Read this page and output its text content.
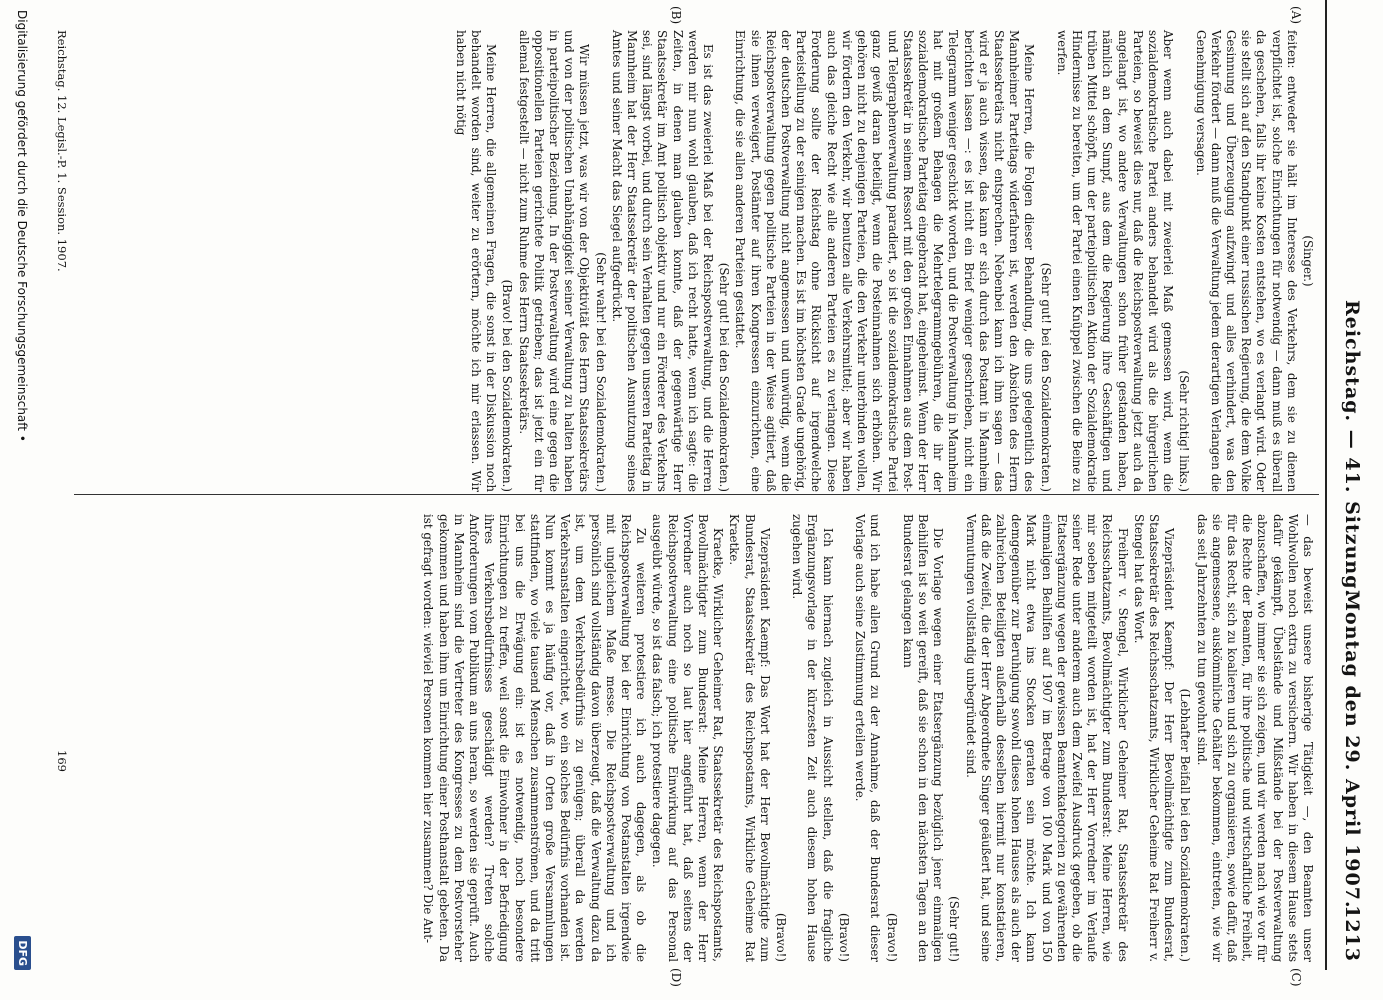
Reichstag. — 41. Sitzung.
Montag den 29. April 1907.
1213
(A)
(B)
(C)
(D)

(Singer.)

feiten: entweder sie hält im Interesse des Verkehrs, dem sie zu dienen verpflichtet ist, solche Einrichtungen für notwendig — dann muß es überall da geschehen, falls ihr keine Kosten entstehen, wo es verlangt wird. Oder sie stellt sich auf den Standpunkt einer russischen Regierung, die dem Volke Gesinnung und Überzeugung aufzwingt und alles verhindert, was den Verkehr fördert — dann muß die Verwaltung jedem derartigen Verlangen die Genehmigung versagen.

(Sehr richtig! links.)

Aber wenn auch dabei mit zweierlei Maß gemessen wird, wenn die sozialdemokratische Partei anders behandelt wird als die bürgerlichen Parteien, so beweist dies nur, daß die Reichspostverwaltung jetzt auch da angelangt ist, wo andere Verwaltungen schon früher gestanden haben, nämlich an dem Sumpf, aus dem die Regierung ihre Geschäftigen und trüben Mittel schöpft, um der parteipolitischen Aktion der Sozialdemokratie Hindernisse zu bereiten, um der Partei einen Knüppel zwischen die Beine zu werfen.

(Sehr gut! bei den Sozialdemokraten.)

Meine Herren, die Folgen dieser Behandlung, die uns gelegentlich des Mannheimer Parteitags widerfahren ist, werden den Absichten des Herrn Staatssekretärs nicht entsprechen. Nebenbei kann ich ihm sagen — das wird er ja auch wissen, das kann er sich durch das Postamt in Mannheim berichten lassen —: es ist nicht ein Brief weniger geschrieben, nicht ein Telegramm weniger geschickt worden, und die Postverwaltung in Mannheim hat mit großem Behagen die Mehrtelegrammgebühren, die ihr der sozialdemokratische Parteitag eingebracht hat, eingeheimst. Wenn der Herr Staatssekretär in seinem Ressort mit den großen Einnahmen aus dem Post- und Telegraphenverwaltung paradiert, so ist die sozialdemokratische Partei ganz gewiß daran beteiligt, wenn die Posteinnahmen sich erhöhen. Wir gehören nicht zu denjenigen Parteien, die den Verkehr unterbinden wollen, wir fördern den Verkehr, wir benutzen alle Verkehrsmittel; aber wir haben auch das gleiche Recht wie alle anderen Parteien es zu verlangen. Diese Forderung sollte der Reichstag ohne Rücksicht auf irgendwelche Parteistellung zu der seinigen machen. Es ist im höchsten Grade ungehörig, der deutschen Postverwaltung nicht angemessen und unwürdig, wenn die Reichspostverwaltung gegen politische Parteien in der Weise agitiert, daß sie ihnen verweigert, Postämter auf ihren Kongressen einzurichten, eine Einrichtung, die sie allen anderen Parteien gestattet.

(Sehr gut! bei den Sozialdemokraten.)

Es ist das zweierlei Maß bei der Reichspostverwaltung, und die Herren werden mir nun wohl glauben, daß ich recht hatte, wenn ich sagte: die Zeiten, in denen man glauben konnte, daß der gegenwärtige Herr Staatssekretär im Amt politisch objektiv und nur ein Förderer des Verkehrs sei, sind längst vorbei, und durch sein Verhalten gegen unseren Parteitag in Mannheim hat der Herr Staatssekretär der politischen Ausnutzung seines Amtes und seiner Macht das Siegel aufgedrückt.

(Sehr wahr! bei den Sozialdemokraten.)

Wir müssen jetzt, was wir von der Objektivität des Herrn Staatssekretärs und von der politischen Unabhängigkeit seiner Verwaltung zu halten haben in parteipolitischer Beziehung. In der Postverwaltung wird eine gegen die oppositionellen Parteien gerichtete Politik getrieben; das ist jetzt ein für allemal festgestellt — nicht zum Ruhme des Herrn Staatssekretärs.

(Bravo! bei den Sozialdemokraten.)

Meine Herren, die allgemeinen Fragen, die sonst in der Diskussion noch behandelt worden sind, weiter zu erörtern, möchte ich mir erlassen. Wir haben nicht nötig

— das beweist unsere bisherige Tätigkeit —, den Beamten unser Wohlwollen noch extra zu versichern. Wir haben in diesem Hause stets dafür gekämpft, Übelstände und Mißstände bei der Postverwaltung abzuschaffen, wo immer sie sich zeigen, und wir werden nach wie vor für die Rechte der Beamten, für ihre politische und wirtschaftliche Freiheit, für das Recht, sich zu koalieren und sich zu organisieren, sowie dafür, daß sie angemessene, auskömmliche Gehälter bekommen, eintreten, wie wir das seit Jahrzehnten zu tun gewohnt sind.

(Lebhafter Beifall bei den Sozialdemokraten.)

Vizepräsident Kaempf: Der Herr Bevollmächtigte zum Bundesrat, Staatssekretär des Reichsschatzamts, Wirklicher Geheime Rat Freiherr v. Stengel hat das Wort.

Freiherr v. Stengel, Wirklicher Geheimer Rat, Staatssekretär des Reichsschatzamts, Bevollmächtigter zum Bundesrat: Meine Herren, wie mir soeben mitgeteilt worden ist, hat der Herr Vorredner im Verlaufe seiner Rede unter anderem auch dem Zweifel Ausdruck gegeben, ob die Etatsergänzung wegen der gewissen Beamtenkategorien zu gewährenden einmaligen Beihilfen auf 1907 im Betrage von 100 Mark und von 150 Mark nicht etwa ins Stocken geraten sein möchte. Ich kann demgegenüber zur Beruhigung sowohl dieses hohen Hauses als auch der zahlreichen Beteiligten außerhalb desselben hiermit nur konstatieren, daß die Zweifel, die der Herr Abgeordnete Singer geäußert hat, und seine Vermutungen vollständig unbegründet sind.

(Sehr gut!)

Die Vorlage wegen einer Etatsergänzung bezüglich jener einmaligen Beihilfen ist so weit gereift, daß sie schon in den nächsten Tagen an den Bundesrat gelangen kann

(Bravo!)

und ich habe allen Grund zu der Annahme, daß der Bundesrat dieser Vorlage auch seine Zustimmung erteilen werde.

(Bravo!)

Ich kann hiernach zugleich in Aussicht stellen, daß die fragliche Ergänzungsvorlage in der kürzesten Zeit auch diesem hohen Hause zugehen wird.

(Bravo!)

Vizepräsident Kaempf: Das Wort hat der Herr Bevollmächtigte zum Bundesrat, Staatssekretär des Reichspostamts, Wirkliche Geheime Rat Kraetke.

Kraetke, Wirklicher Geheimer Rat, Staatssekretär des Reichspostamts, Bevollmächtigter zum Bundesrat: Meine Herren, wenn der Herr Vorredner auch noch so laut hier angeführt hat, daß seitens der Reichspostverwaltung eine politische Einwirkung auf das Personal ausgeübt würde, so ist das falsch; ich protestiere dagegen.

Zu weiteren protestiere ich auch dagegen, als ob die Reichspostverwaltung bei der Einrichtung von Postanstalten irgendwie mit ungleichem Maße messe. Die Reichspostverwaltung und ich persönlich sind vollständig davon überzeugt, daß die Verwaltung dazu da ist, um dem Verkehrsbedürfnis zu genügen; überall da werden Verkehrsanstalten eingerichtet, wo ein solches Bedürfnis vorhanden ist. Nun kommt es ja häufig vor, daß in Orten große Versammlungen stattfinden, wo viele tausend Menschen zusammenströmen, und da tritt bei uns die Erwägung ein: ist es notwendig, noch besondere Einrichtungen zu treffen, weil sonst die Einwohner in der Befriedigung ihres Verkehrsbedürfnisses geschädigt werden? Treten solche Anforderungen vom Publikum an uns heran, so werden sie geprüft. Auch in Mannheim sind die Vertreter des Kongresses zu dem Postvorsteher gekommen und haben ihm um Einrichtung einer Posthanstalt gebeten. Da ist gefragt worden: wieviel Personen kommen hier zusammen? Die Ant-

Reichstag. 12. Legisl.-P. 1. Session. 1907.
169
Digitalisierung gefördert durch die Deutsche Forschungsgemeinschaft •
DFG
